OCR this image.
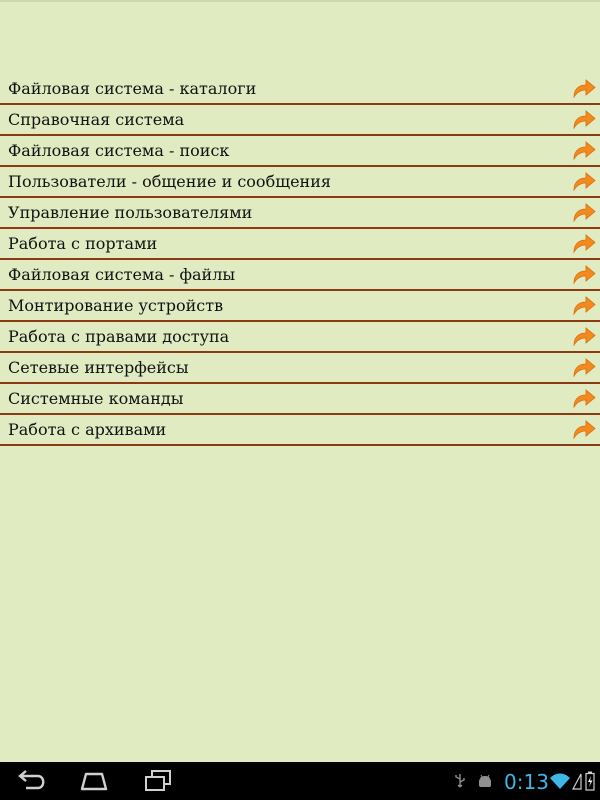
Файловая система - каталоги
Справочная система
Файловая система - поиск
Пользователи - общение и сообщения
Управление пользователями
Работа с портами
Файловая система - файлы
Монтирование устройств
Работа с правами доступа
Сетевые интерфейсы
Системные команды
Работа с архивами
0:13
